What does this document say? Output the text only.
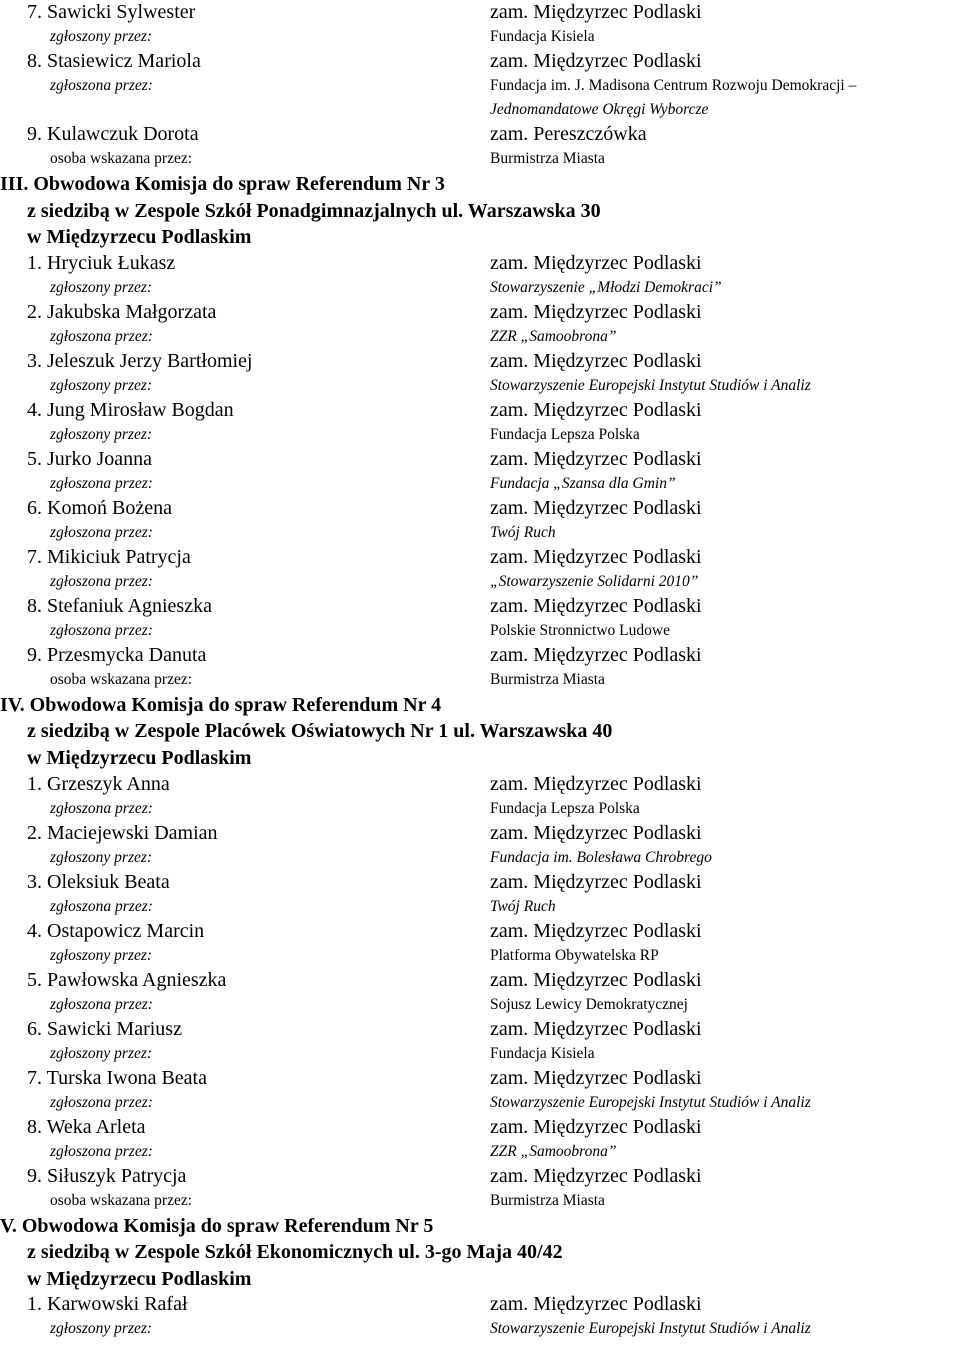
7. Sawicki Sylwester	zam. Międzyrzec Podlaski
zgłoszony przez:	Fundacja Kisiela
8. Stasiewicz Mariola	zam. Międzyrzec Podlaski
zgłoszona przez:	Fundacja im. J. Madisona Centrum Rozwoju Demokracji –
Jednomandatowe Okręgi Wyborcze
9. Kulawczuk Dorota	zam. Pereszczówka
osoba wskazana przez:	Burmistrza Miasta
III. Obwodowa Komisja do spraw Referendum Nr 3
z siedzibą w Zespole Szkół Ponadgimnazjalnych ul. Warszawska 30
w Międzyrzecu Podlaskim
1. Hryciuk Łukasz	zam. Międzyrzec Podlaski
zgłoszony przez:	Stowarzyszenie „Młodzi Demokraci”
2. Jakubska Małgorzata	zam. Międzyrzec Podlaski
zgłoszona przez:	ZZR „Samoobrona”
3. Jeleszuk Jerzy Bartłomiej	zam. Międzyrzec Podlaski
zgłoszony przez:	Stowarzyszenie Europejski Instytut Studiów i Analiz
4. Jung Mirosław Bogdan	zam. Międzyrzec Podlaski
zgłoszony przez:	Fundacja Lepsza Polska
5. Jurko Joanna	zam. Międzyrzec Podlaski
zgłoszona przez:	Fundacja „Szansa dla Gmin”
6. Komoń Bożena	zam. Międzyrzec Podlaski
zgłoszona przez:	Twój Ruch
7. Mikiciuk Patrycja	zam. Międzyrzec Podlaski
zgłoszona przez:	„Stowarzyszenie Solidarni 2010”
8. Stefaniuk Agnieszka	zam. Międzyrzec Podlaski
zgłoszona przez:	Polskie Stronnictwo Ludowe
9. Przesmycka Danuta	zam. Międzyrzec Podlaski
osoba wskazana przez:	Burmistrza Miasta
IV. Obwodowa Komisja do spraw Referendum Nr 4
z siedzibą w Zespole Placówek Oświatowych Nr 1 ul. Warszawska 40
w Międzyrzecu Podlaskim
1. Grzeszyk Anna	zam. Międzyrzec Podlaski
zgłoszona przez:	Fundacja Lepsza Polska
2. Maciejewski Damian	zam. Międzyrzec Podlaski
zgłoszony przez:	Fundacja im. Bolesława Chrobrego
3. Oleksiuk Beata	zam. Międzyrzec Podlaski
zgłoszona przez:	Twój Ruch
4. Ostapowicz Marcin	zam. Międzyrzec Podlaski
zgłoszony przez:	Platforma Obywatelska RP
5. Pawłowska Agnieszka	zam. Międzyrzec Podlaski
zgłoszona przez:	Sojusz Lewicy Demokratycznej
6. Sawicki Mariusz	zam. Międzyrzec Podlaski
zgłoszony przez:	Fundacja Kisiela
7. Turska Iwona Beata	zam. Międzyrzec Podlaski
zgłoszona przez:	Stowarzyszenie Europejski Instytut Studiów i Analiz
8. Weka Arleta	zam. Międzyrzec Podlaski
zgłoszona przez:	ZZR „Samoobrona”
9. Siłuszyk Patrycja	zam. Międzyrzec Podlaski
osoba wskazana przez:	Burmistrza Miasta
V. Obwodowa Komisja do spraw Referendum Nr 5
z siedzibą w Zespole Szkół Ekonomicznych ul. 3-go Maja 40/42
w Międzyrzecu Podlaskim
1. Karwowski Rafał	zam. Międzyrzec Podlaski
zgłoszony przez:	Stowarzyszenie Europejski Instytut Studiów i Analiz
